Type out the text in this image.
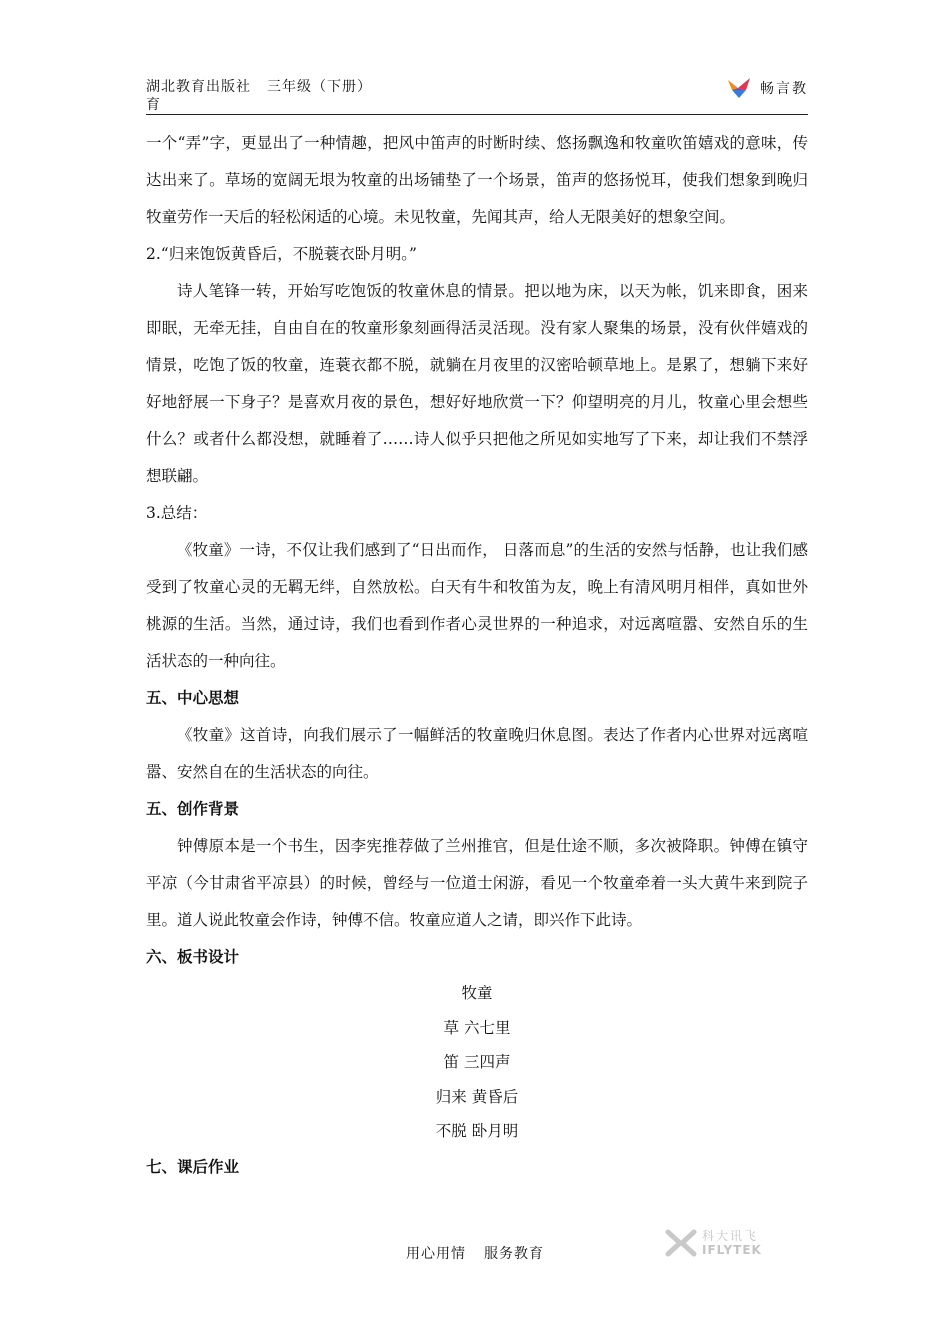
湖北教育出版社 三年级（下册）
育
畅言教

一个“弄”字，更显出了一种情趣，把风中笛声的时断时续、悠扬飘逸和牧童吹笛嬉戏的意味，传达出来了。草场的宽阔无垠为牧童的出场铺垫了一个场景，笛声的悠扬悦耳，使我们想象到晚归牧童劳作一天后的轻松闲适的心境。未见牧童，先闻其声，给人无限美好的想象空间。

2.“归来饱饭黄昏后，不脱蓑衣卧月明。”

诗人笔锋一转，开始写吃饱饭的牧童休息的情景。把以地为床，以天为帐，饥来即食，困来即眠，无牵无挂，自由自在的牧童形象刻画得活灵活现。没有家人聚集的场景，没有伙伴嬉戏的情景，吃饱了饭的牧童，连蓑衣都不脱，就躺在月夜里的汉密哈顿草地上。是累了，想躺下来好好地舒展一下身子？是喜欢月夜的景色，想好好地欣赏一下？仰望明亮的月儿，牧童心里会想些什么？或者什么都没想，就睡着了……诗人似乎只把他之所见如实地写了下来，却让我们不禁浮想联翩。

3.总结：

《牧童》一诗，不仅让我们感到了“日出而作， 日落而息”的生活的安然与恬静，也让我们感受到了牧童心灵的无羁无绊，自然放松。白天有牛和牧笛为友，晚上有清风明月相伴，真如世外桃源的生活。当然，通过诗，我们也看到作者心灵世界的一种追求，对远离喧嚣、安然自乐的生活状态的一种向往。

五、中心思想

《牧童》这首诗，向我们展示了一幅鲜活的牧童晚归休息图。表达了作者内心世界对远离喧嚣、安然自在的生活状态的向往。

五、创作背景

钟傅原本是一个书生，因李宪推荐做了兰州推官，但是仕途不顺，多次被降职。钟傅在镇守平凉（今甘肃省平凉县）的时候，曾经与一位道士闲游，看见一个牧童牵着一头大黄牛来到院子里。道人说此牧童会作诗，钟傅不信。牧童应道人之请，即兴作下此诗。

六、板书设计
牧童
草 六七里
笛 三四声
归来 黄昏后
不脱 卧月明
七、课后作业
用心用情 服务教育
科大讯飞
IFLYTEK
